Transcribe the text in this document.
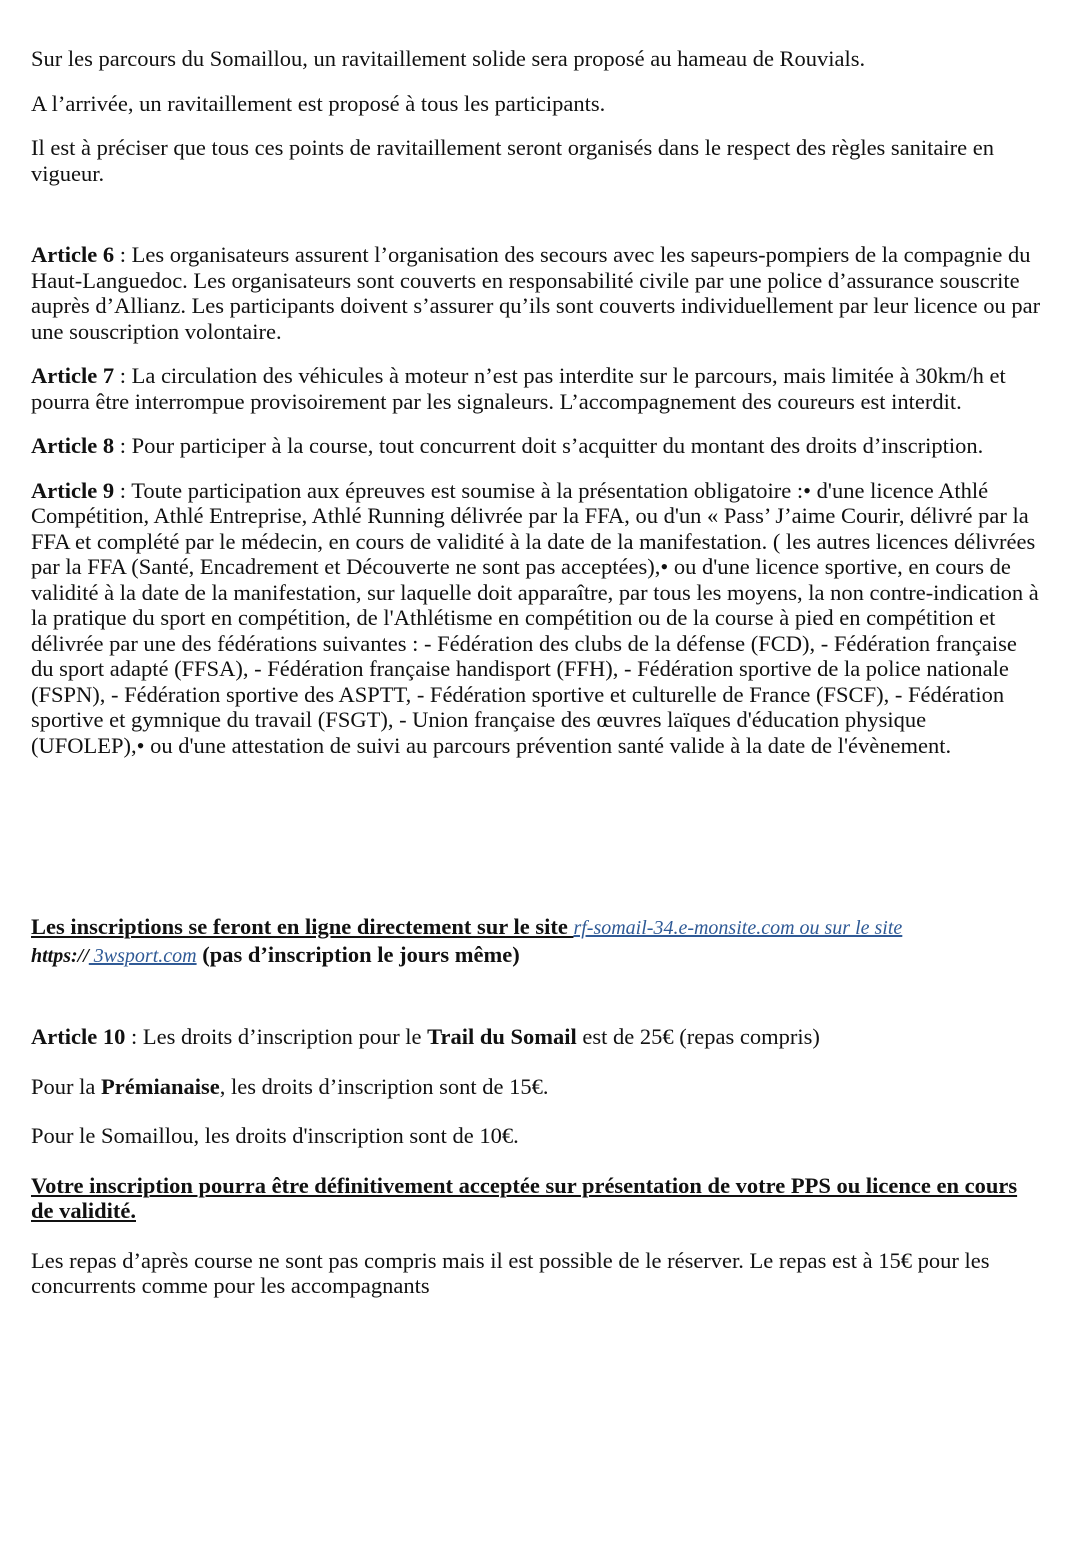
Sur les parcours du Somaillou, un ravitaillement solide sera proposé au hameau de Rouvials.

A l’arrivée, un ravitaillement est proposé à tous les participants.

Il est à préciser que tous ces points de ravitaillement seront organisés dans le respect des règles sanitaire en vigueur.

Article 6 : Les organisateurs assurent l’organisation des secours avec les sapeurs-pompiers de la compagnie du Haut-Languedoc. Les organisateurs sont couverts en responsabilité civile par une police d’assurance souscrite auprès d’Allianz. Les participants doivent s’assurer qu’ils sont couverts individuellement par leur licence ou par une souscription volontaire.

Article 7 : La circulation des véhicules à moteur n’est pas interdite sur le parcours, mais limitée à 30km/h et pourra être interrompue provisoirement par les signaleurs. L’accompagnement des coureurs est interdit.

Article 8 : Pour participer à la course, tout concurrent doit s’acquitter du montant des droits d’inscription.

Article 9 : Toute participation aux épreuves est soumise à la présentation obligatoire :• d'une licence Athlé Compétition, Athlé Entreprise, Athlé Running délivrée par la FFA, ou d'un « Pass’ J’aime Courir, délivré par la FFA et complété par le médecin, en cours de validité à la date de la manifestation. ( les autres licences délivrées par la FFA (Santé, Encadrement et Découverte ne sont pas acceptées),• ou d'une licence sportive, en cours de validité à la date de la manifestation, sur laquelle doit apparaître, par tous les moyens, la non contre-indication à la pratique du sport en compétition, de l'Athlétisme en compétition ou de la course à pied en compétition et délivrée par une des fédérations suivantes : - Fédération des clubs de la défense (FCD), - Fédération française du sport adapté (FFSA), - Fédération française handisport (FFH), - Fédération sportive de la police nationale (FSPN), - Fédération sportive des ASPTT, - Fédération sportive et culturelle de France (FSCF), - Fédération sportive et gymnique du travail (FSGT), - Union française des œuvres laïques d'éducation physique (UFOLEP),• ou d'une attestation de suivi au parcours prévention santé valide à la date de l'évènement.

Les inscriptions se feront en ligne directement sur le site rf-somail-34.e-monsite.com ou sur le site
https:// 3wsport.com (pas d’inscription le jours même)

Article 10 : Les droits d’inscription pour le Trail du Somail est de 25€ (repas compris)

Pour la Prémianaise, les droits d’inscription sont de 15€.

Pour le Somaillou, les droits d'inscription sont de 10€.

Votre inscription pourra être définitivement acceptée sur présentation de votre PPS ou licence en cours de validité.

Les repas d’après course ne sont pas compris mais il est possible de le réserver. Le repas est à 15€ pour les concurrents comme pour les accompagnants
